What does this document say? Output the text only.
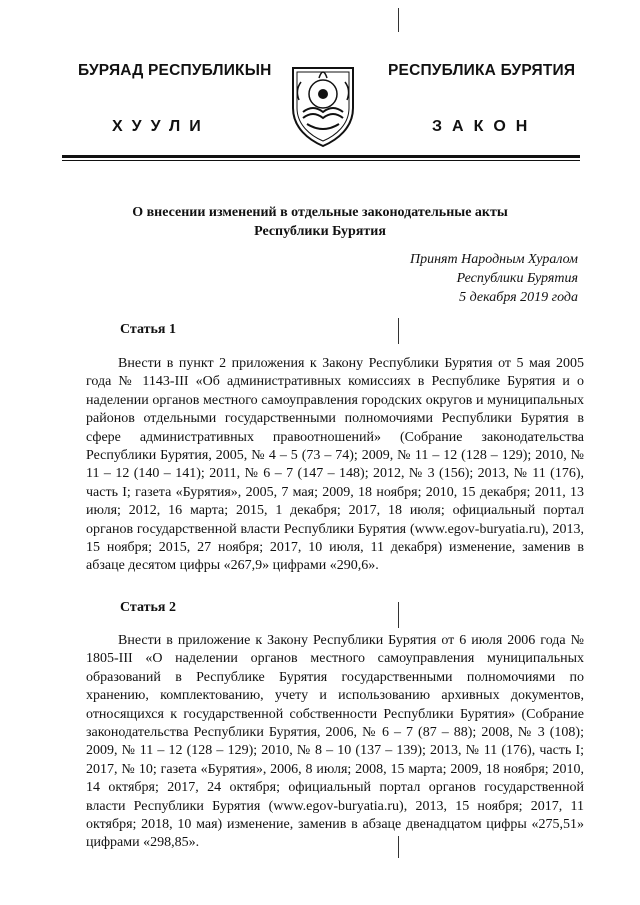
БУРЯАД РЕСПУБЛИКЫН	РЕСПУБЛИКА БУРЯТИЯ
ХУУЛИ	ЗАКОН
О внесении изменений в отдельные законодательные акты
Республики Бурятия
Принят Народным Хуралом
Республики Бурятия
5 декабря 2019 года
Статья 1
Внести в пункт 2 приложения к Закону Республики Бурятия от 5 мая 2005 года № 1143-III «Об административных комиссиях в Республике Бурятия и о наделении органов местного самоуправления городских округов и муниципальных районов отдельными государственными полномочиями Республики Бурятия в сфере административных правоотношений» (Собрание законодательства Республики Бурятия, 2005, № 4 – 5 (73 – 74); 2009, № 11 – 12 (128 – 129); 2010, № 11 – 12 (140 – 141); 2011, № 6 – 7 (147 – 148); 2012, № 3 (156); 2013, № 11 (176), часть I; газета «Бурятия», 2005, 7 мая; 2009, 18 ноября; 2010, 15 декабря; 2011, 13 июля; 2012, 16 марта; 2015, 1 декабря; 2017, 18 июля; официальный портал органов государственной власти Республики Бурятия (www.egov-buryatia.ru), 2013, 15 ноября; 2015, 27 ноября; 2017, 10 июля, 11 декабря) изменение, заменив в абзаце десятом цифры «267,9» цифрами «290,6».
Статья 2
Внести в приложение к Закону Республики Бурятия от 6 июля 2006 года № 1805-III «О наделении органов местного самоуправления муниципальных образований в Республике Бурятия государственными полномочиями по хранению, комплектованию, учету и использованию архивных документов, относящихся к государственной собственности Республики Бурятия» (Собрание законодательства Республики Бурятия, 2006, № 6 – 7 (87 – 88); 2008, № 3 (108); 2009, № 11 – 12 (128 – 129); 2010, № 8 – 10 (137 – 139); 2013, № 11 (176), часть I; 2017, № 10; газета «Бурятия», 2006, 8 июля; 2008, 15 марта; 2009, 18 ноября; 2010, 14 октября; 2017, 24 октября; официальный портал органов государственной власти Республики Бурятия (www.egov-buryatia.ru), 2013, 15 ноября; 2017, 11 октября; 2018, 10 мая) изменение, заменив в абзаце двенадцатом цифры «275,51» цифрами «298,85».
